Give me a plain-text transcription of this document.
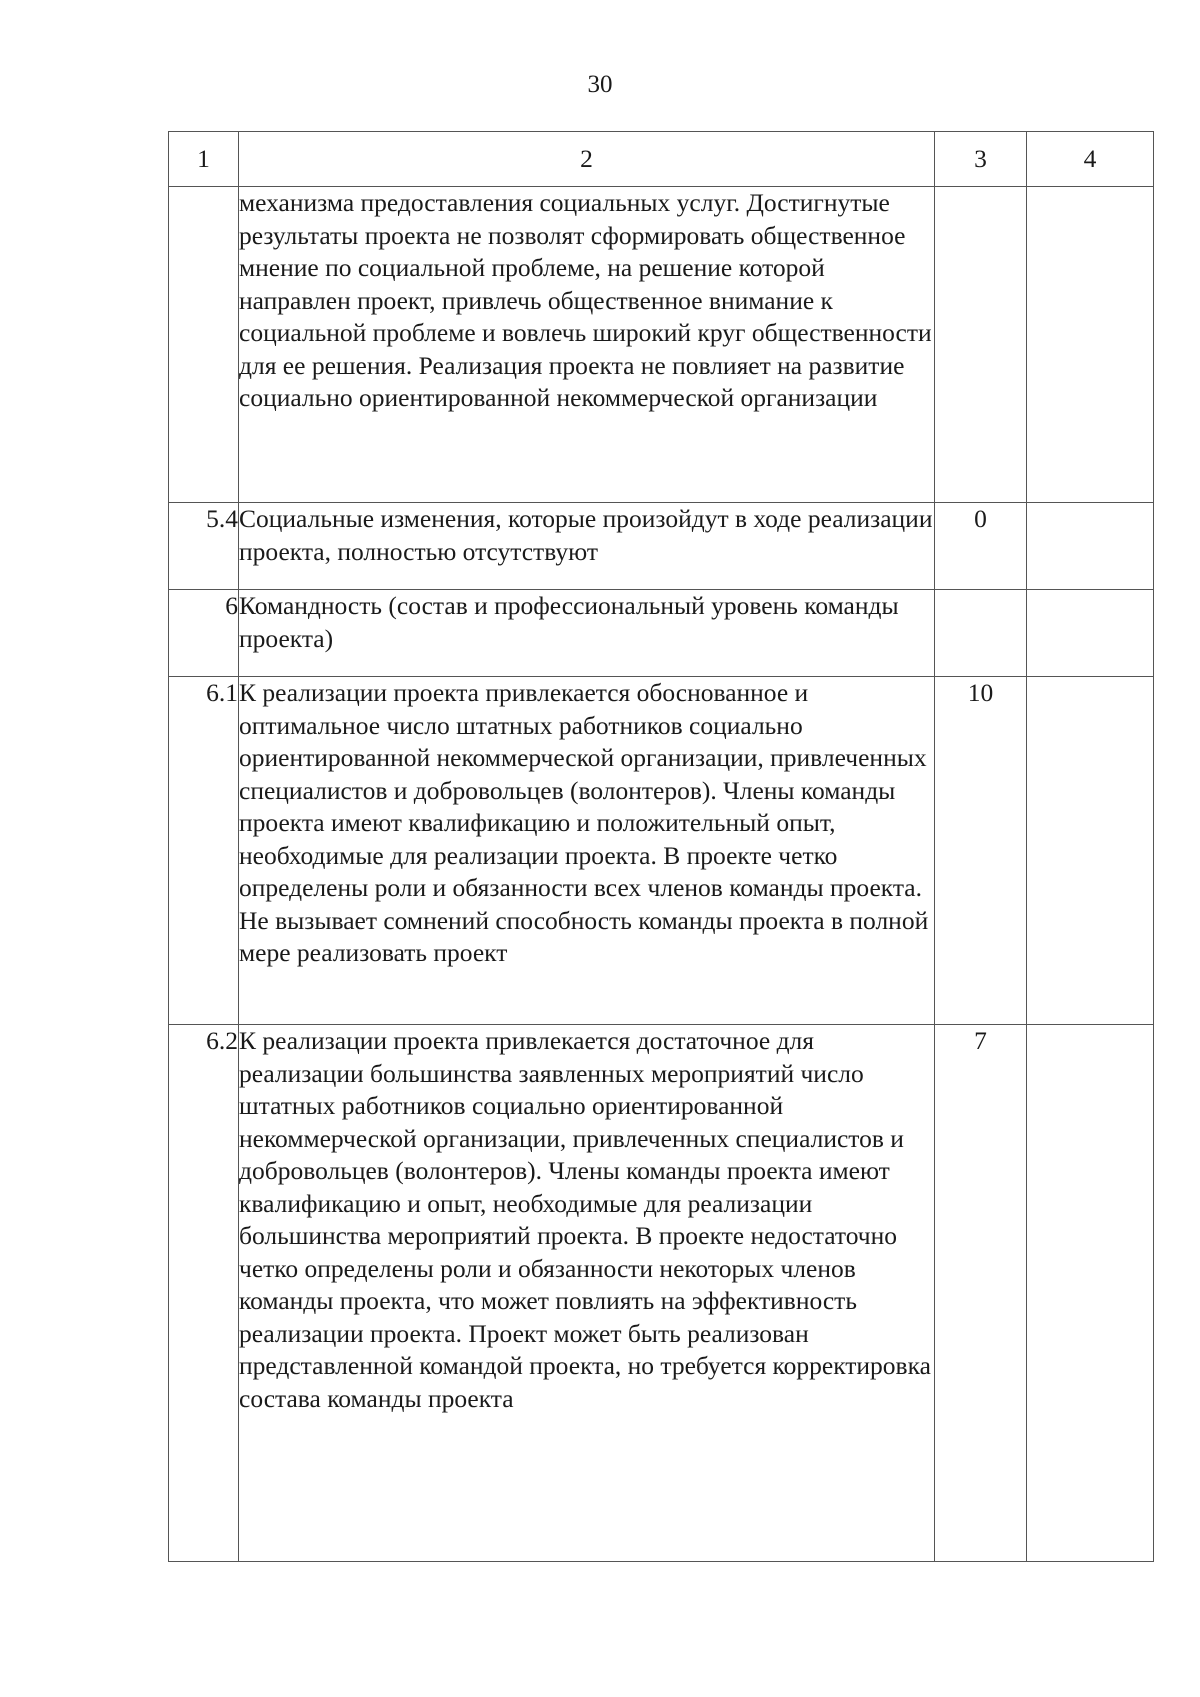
30
1	2	3	4
	механизма предоставления социальных услуг. Достигнутые результаты проекта не позволят сформировать общественное мнение по социальной проблеме, на решение которой направлен проект, привлечь общественное внимание к социальной проблеме и вовлечь широкий круг общественности для ее решения. Реализация проекта не повлияет на развитие социально ориентированной некоммерческой организации		
5.4	Социальные изменения, которые произойдут в ходе реализации проекта, полностью отсутствуют	0	
6	Командность (состав и профессиональный уровень команды проекта)		
6.1	К реализации проекта привлекается обоснованное и оптимальное число штатных работников социально ориентированной некоммерческой организации, привлеченных специалистов и добровольцев (волонтеров). Члены команды проекта имеют квалификацию и положительный опыт, необходимые для реализации проекта. В проекте четко определены роли и обязанности всех членов команды проекта. Не вызывает сомнений способность команды проекта в полной мере реализовать проект	10	
6.2	К реализации проекта привлекается достаточное для реализации большинства заявленных мероприятий число штатных работников социально ориентированной некоммерческой организации, привлеченных специалистов и добровольцев (волонтеров). Члены команды проекта имеют квалификацию и опыт, необходимые для реализации большинства мероприятий проекта. В проекте недостаточно четко определены роли и обязанности некоторых членов команды проекта, что может повлиять на эффективность реализации проекта. Проект может быть реализован представленной командой проекта, но требуется корректировка состава команды проекта	7	
